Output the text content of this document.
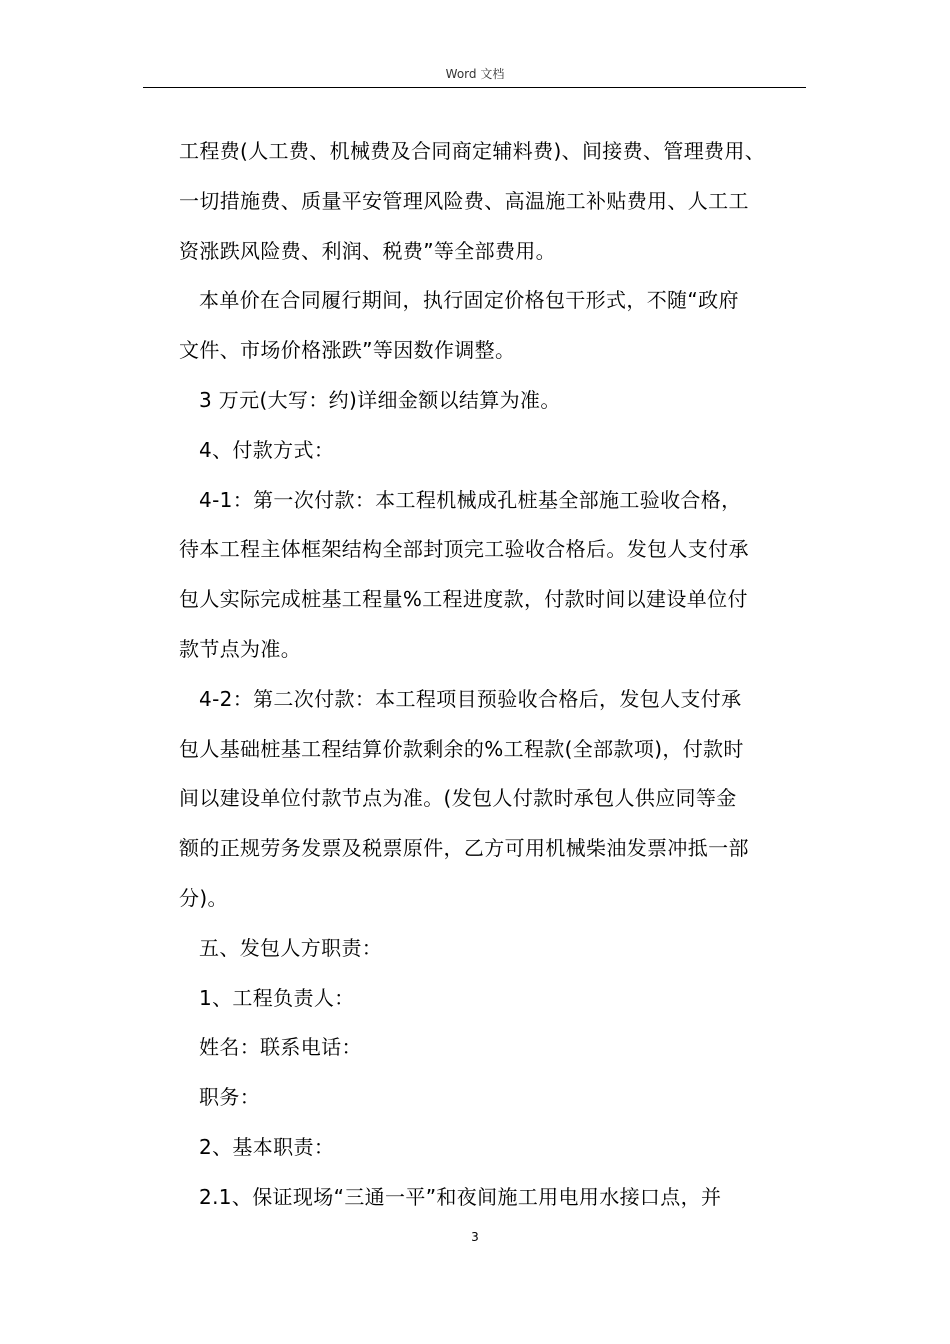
Word 文档
工程费(人工费、机械费及合同商定辅料费)、间接费、管理费用、
一切措施费、质量平安管理风险费、高温施工补贴费用、人工工
资涨跌风险费、利润、税费”等全部费用。
本单价在合同履行期间，执行固定价格包干形式，不随“政府
文件、市场价格涨跌”等因数作调整。
3 万元(大写：约)详细金额以结算为准。
4、付款方式：
4-1：第一次付款：本工程机械成孔桩基全部施工验收合格，
待本工程主体框架结构全部封顶完工验收合格后。发包人支付承
包人实际完成桩基工程量%工程进度款，付款时间以建设单位付
款节点为准。
4-2：第二次付款：本工程项目预验收合格后，发包人支付承
包人基础桩基工程结算价款剩余的%工程款(全部款项)，付款时
间以建设单位付款节点为准。(发包人付款时承包人供应同等金
额的正规劳务发票及税票原件，乙方可用机械柴油发票冲抵一部
分)。
五、发包人方职责：
1、工程负责人：
姓名：联系电话：
职务：
2、基本职责：
2.1、保证现场“三通一平”和夜间施工用电用水接口点，并
3
